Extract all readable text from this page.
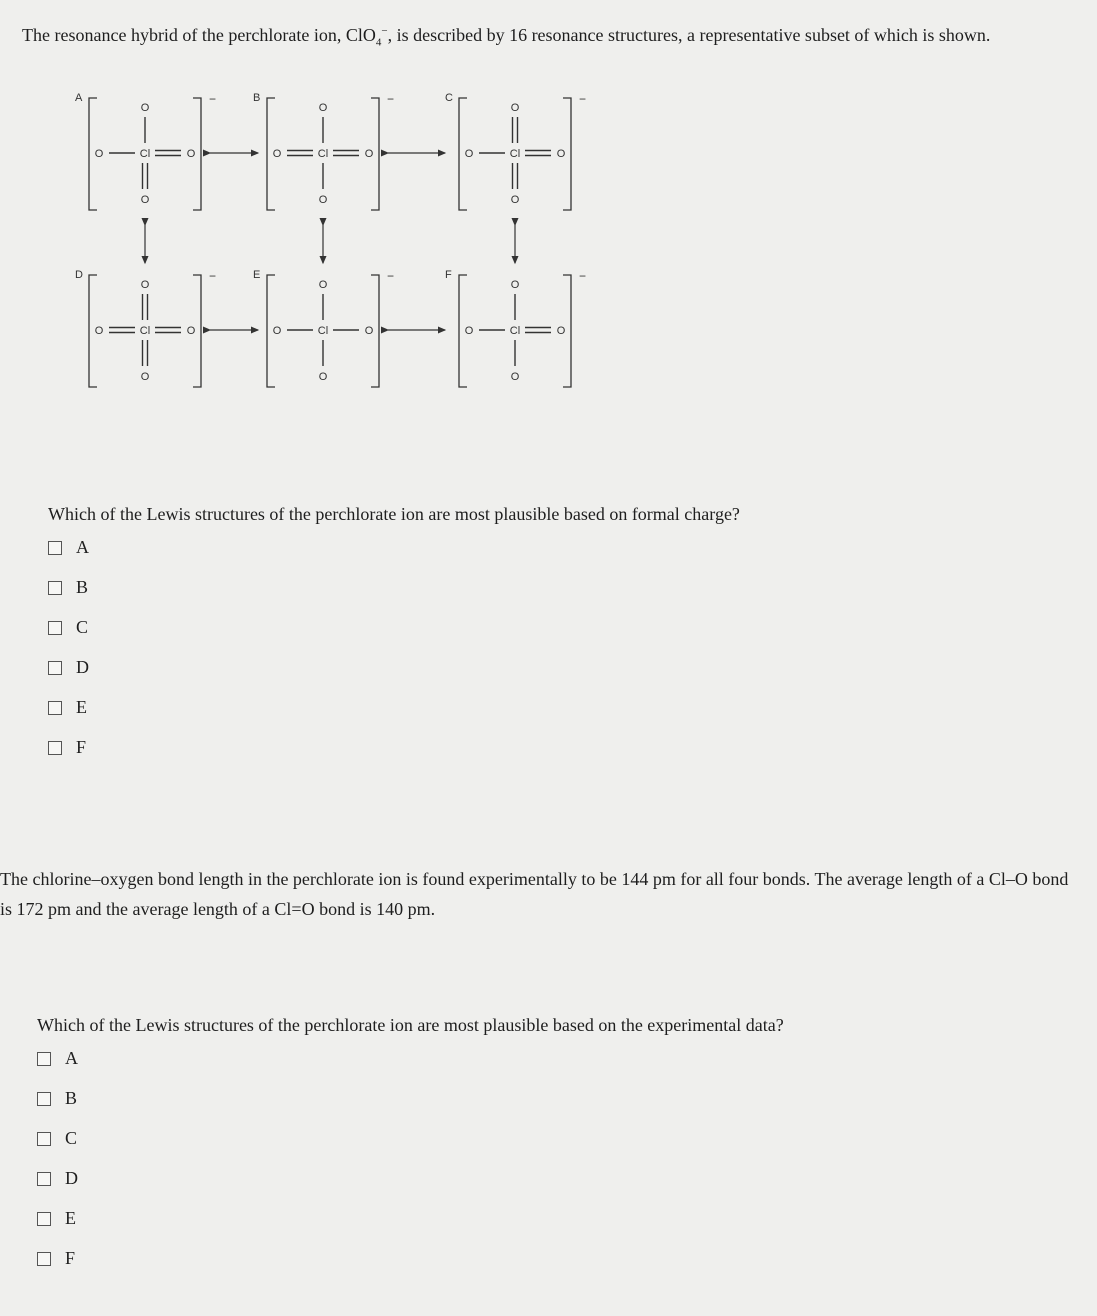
The resonance hybrid of the perchlorate ion, ClO$_4$−, is described by 16 resonance structures, a representative subset of which is shown.
A	−
Cl
O
O
O	O
B	−
Cl
O
O
O	O
C	−
Cl
O
O
O	O
D	−
Cl
O
O
O	O
E	−
Cl
O
O
O	O
F	−
Cl
O
O
O	O
Which of the Lewis structures of the perchlorate ion are most plausible based on formal charge?
A
B
C
D
E
F
The chlorine–oxygen bond length in the perchlorate ion is found experimentally to be 144 pm for all four bonds. The average length of a Cl–O bond is 172 pm and the average length of a Cl=O bond is 140 pm.
Which of the Lewis structures of the perchlorate ion are most plausible based on the experimental data?
A
B
C
D
E
F
